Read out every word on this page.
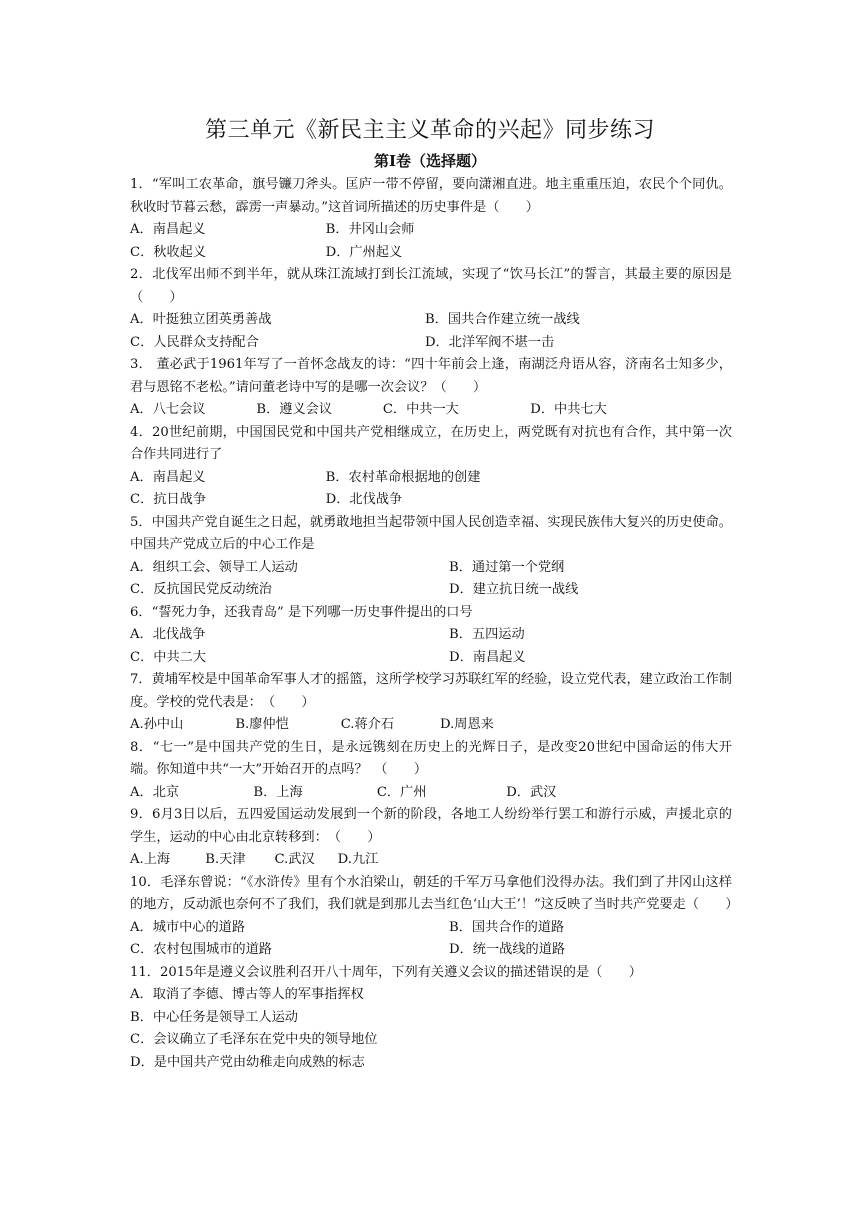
第三单元《新民主主义革命的兴起》同步练习
第Ⅰ卷（选择题）

1．“军叫工农革命，旗号镰刀斧头。匡庐一带不停留，要向潇湘直进。地主重重压迫，农民个个同仇。秋收时节暮云愁，霹雳一声暴动。”这首词所描述的历史事件是（　　）

A．南昌起义	B．井冈山会师
C．秋收起义	D．广州起义

2．北伐军出师不到半年，就从珠江流域打到长江流域，实现了“饮马长江”的誓言，其最主要的原因是（　　）

A．叶挺独立团英勇善战	B．国共合作建立统一战线
C．人民群众支持配合	D．北洋军阀不堪一击

3． 董必武于1961年写了一首怀念战友的诗：“四十年前会上逢，南湖泛舟语从容，济南名士知多少，君与恩铭不老松。”请问董老诗中写的是哪一次会议？（　　）

A．八七会议	B．遵义会议	C．中共一大	D．中共七大

4．20世纪前期，中国国民党和中国共产党相继成立，在历史上，两党既有对抗也有合作，其中第一次合作共同进行了

A．南昌起义	B．农村革命根据地的创建
C．抗日战争	D．北伐战争

5．中国共产党自诞生之日起，就勇敢地担当起带领中国人民创造幸福、实现民族伟大复兴的历史使命。中国共产党成立后的中心工作是

A．组织工会、领导工人运动	B．通过第一个党纲
C．反抗国民党反动统治	D．建立抗日统一战线

6．“誓死力争，还我青岛” 是下列哪一历史事件提出的口号

A．北伐战争	B．五四运动
C．中共二大	D．南昌起义

7．黄埔军校是中国革命军事人才的摇篮，这所学校学习苏联红军的经验，设立党代表，建立政治工作制度。学校的党代表是：　（　　）

A.孙中山	B.廖仲恺	C.蒋介石	D.周恩来

8．“七一”是中国共产党的生日，是永远镌刻在历史上的光辉日子，是改变20世纪中国命运的伟大开端。你知道中共“一大”开始召开的点吗？　（　　）

A．北京	B．上海	C．广州	D．武汉

9．6月3日以后，五四爱国运动发展到一个新的阶段，各地工人纷纷举行罢工和游行示威，声援北京的学生，运动的中心由北京转移到：　（　　）

A.上海	B.天津	C.武汉	D.九江

10．毛泽东曾说：“《水浒传》里有个水泊梁山，朝廷的千军万马拿他们没得办法。我们到了井冈山这样的地方，反动派也奈何不了我们，我们就是到那儿去当红色‘山大王’！”这反映了当时共产党要走（　　）

A．城市中心的道路	B．国共合作的道路
C．农村包围城市的道路	D．统一战线的道路

11．2015年是遵义会议胜利召开八十周年，下列有关遵义会议的描述错误的是（　　）

A．取消了李德、博古等人的军事指挥权
B．中心任务是领导工人运动
C．会议确立了毛泽东在党中央的领导地位
D．是中国共产党由幼稚走向成熟的标志
